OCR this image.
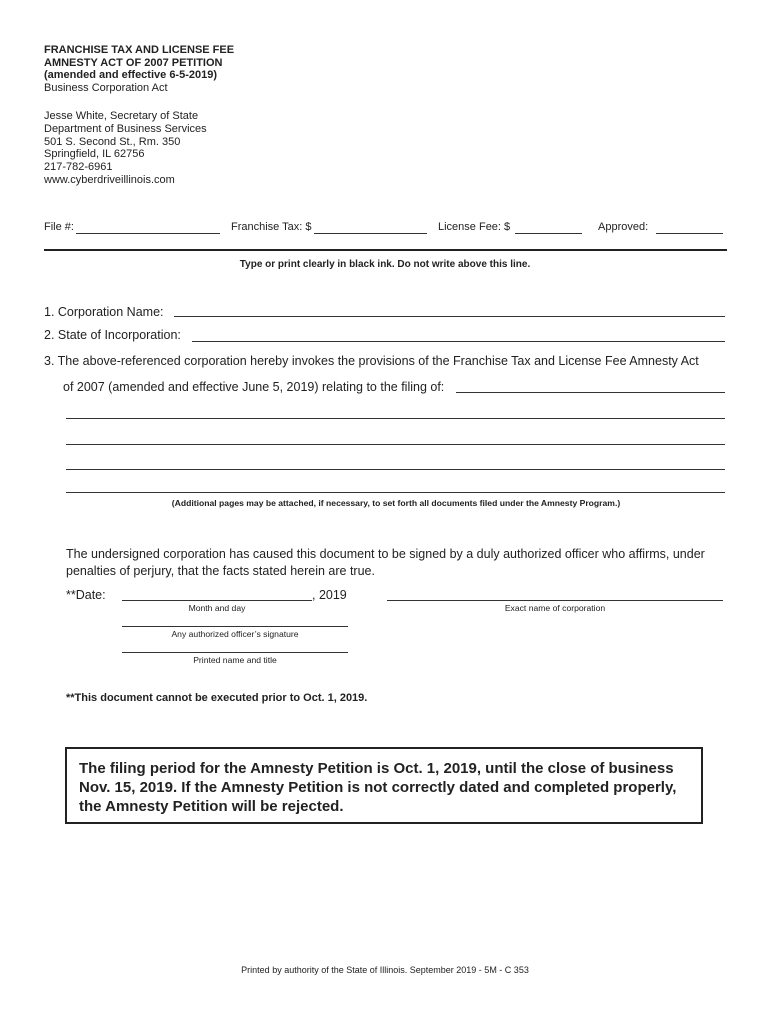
FRANCHISE TAX AND LICENSE FEE
AMNESTY ACT OF 2007 PETITION
(amended and effective 6-5-2019)
Business Corporation Act
Jesse White, Secretary of State
Department of Business Services
501 S. Second St., Rm. 350
Springfield, IL 62756
217-782-6961
www.cyberdriveillinois.com
File #:	Franchise Tax: $	License Fee: $	Approved:
Type or print clearly in black ink. Do not write above this line.
1. Corporation Name:
2. State of Incorporation:
3. The above-referenced corporation hereby invokes the provisions of the Franchise Tax and License Fee Amnesty Act
of 2007 (amended and effective June 5, 2019) relating to the filing of:
(Additional pages may be attached, if necessary, to set forth all documents filed under the Amnesty Program.)
The undersigned corporation has caused this document to be signed by a duly authorized officer who affirms, under penalties of perjury, that the facts stated herein are true.
**Date:	, 2019
Month and day	Exact name of corporation
Any authorized officer’s signature
Printed name and title
**This document cannot be executed prior to Oct. 1, 2019.

The filing period for the Amnesty Petition is Oct. 1, 2019, until the close of business Nov. 15, 2019. If the Amnesty Petition is not correctly dated and completed properly, the Amnesty Petition will be rejected.

Printed by authority of the State of Illinois. September 2019 - 5M - C 353
